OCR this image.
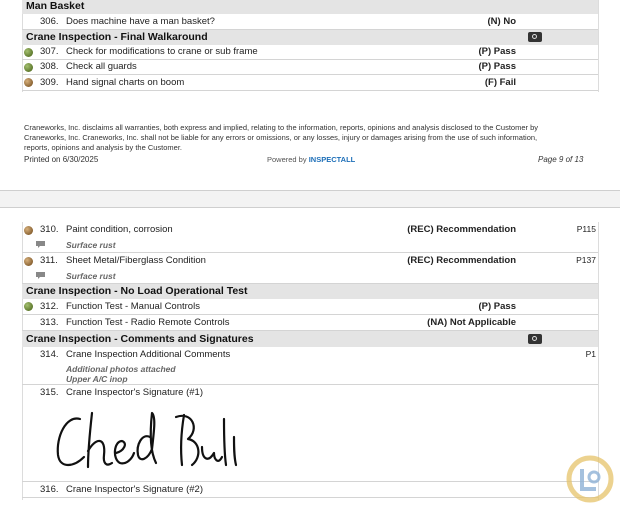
Man Basket
306. Does machine have a man basket?	(N) No
Crane Inspection - Final Walkaround
307. Check for modifications to crane or sub frame	(P) Pass
308. Check all guards	(P) Pass
309. Hand signal charts on boom	(F) Fail
Craneworks, Inc. disclaims all warranties, both express and implied, relating to the information, reports, opinions and analysis disclosed to the Customer by Craneworks, Inc. Craneworks, Inc. shall not be liable for any errors or omissions, or any losses, injury or damages arising from the use of such information, reports, opinions and analysis by the Customer.
Printed on 6/30/2025	Powered by INSPECTALL	Page 9 of 13
310. Paint condition, corrosion	(REC) Recommendation	P115
Surface rust
311. Sheet Metal/Fiberglass Condition	(REC) Recommendation	P137
Surface rust
Crane Inspection - No Load Operational Test
312. Function Test - Manual Controls	(P) Pass
313. Function Test - Radio Remote Controls	(NA) Not Applicable
Crane Inspection - Comments and Signatures
314. Crane Inspection Additional Comments	P1
Additional photos attached
Upper A/C inop
315. Crane Inspector's Signature (#1)
316. Crane Inspector's Signature (#2)
